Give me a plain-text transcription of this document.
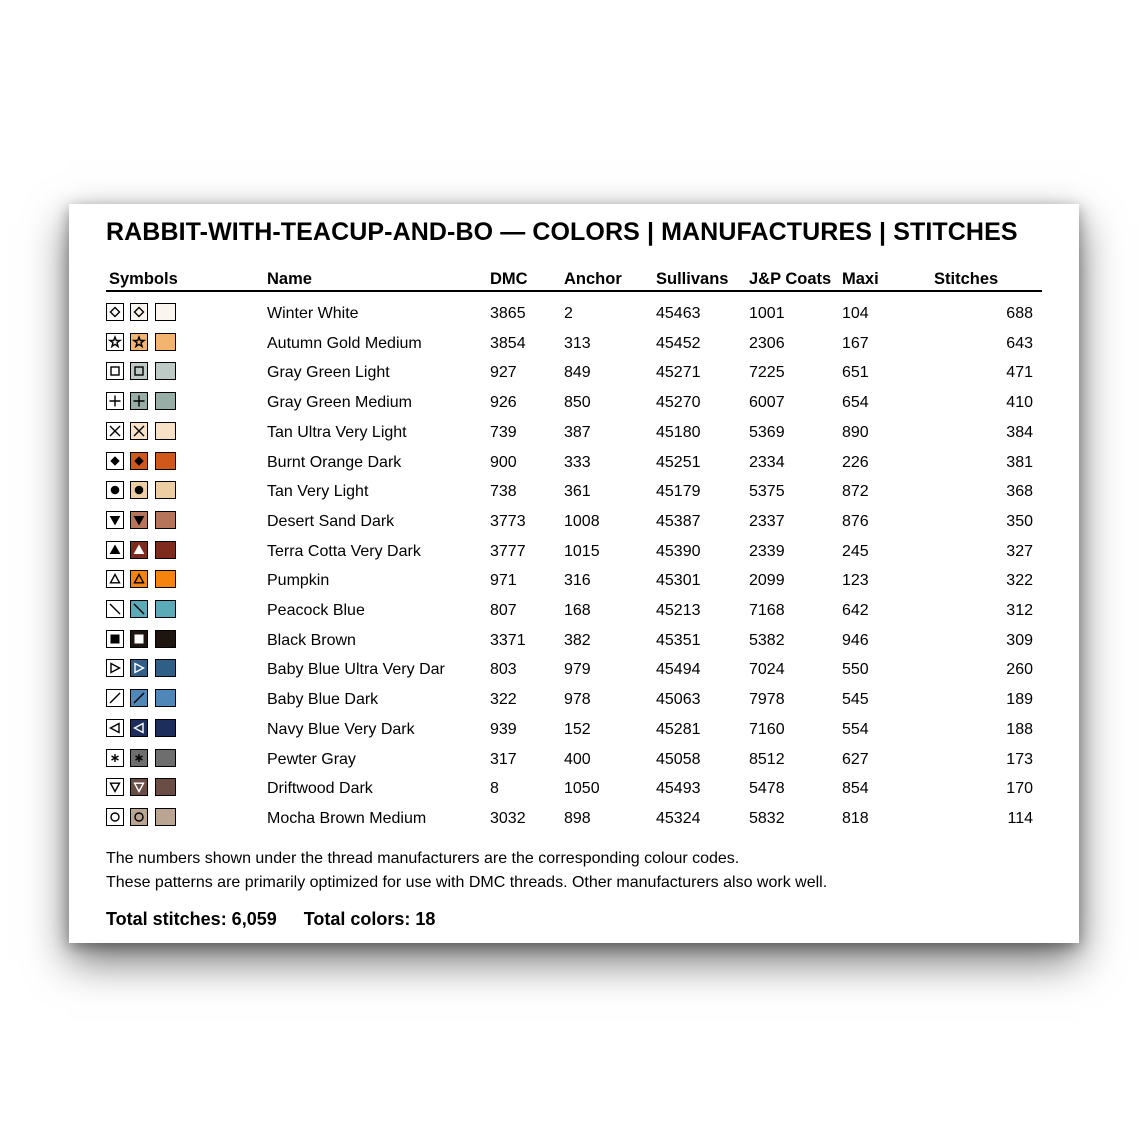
RABBIT-WITH-TEACUP-AND-BO — COLORS | MANUFACTURES | STITCHES
Symbols	Name	DMC Anchor Sullivans J&P Coats Maxi	Stitches
Winter White	3865 2	45463	1001	104	688
Autumn Gold Medium	3854 313	45452	2306	167	643
Gray Green Light	927	849	45271	7225	651	471
Gray Green Medium	926	850	45270	6007	654	410
Tan Ultra Very Light	739	387	45180	5369	890	384
Burnt Orange Dark	900	333	45251	2334	226	381
Tan Very Light	738	361	45179	5375	872	368
Desert Sand Dark	3773 1008	45387	2337	876	350
Terra Cotta Very Dark	3777 1015	45390	2339	245	327
Pumpkin	971	316	45301	2099	123	322
Peacock Blue	807	168	45213	7168	642	312
Black Brown	3371 382	45351	5382	946	309
Baby Blue Ultra Very Dar	803	979	45494	7024	550	260
Baby Blue Dark	322	978	45063	7978	545	189
Navy Blue Very Dark	939	152	45281	7160	554	188
Pewter Gray	317	400	45058	8512	627	173
Driftwood Dark	8	1050	45493	5478	854	170
Mocha Brown Medium	3032 898	45324	5832	818	114
The numbers shown under the thread manufacturers are the corresponding colour codes.
These patterns are primarily optimized for use with DMC threads. Other manufacturers also work well.
Total stitches: 6,059 Total colors: 18
